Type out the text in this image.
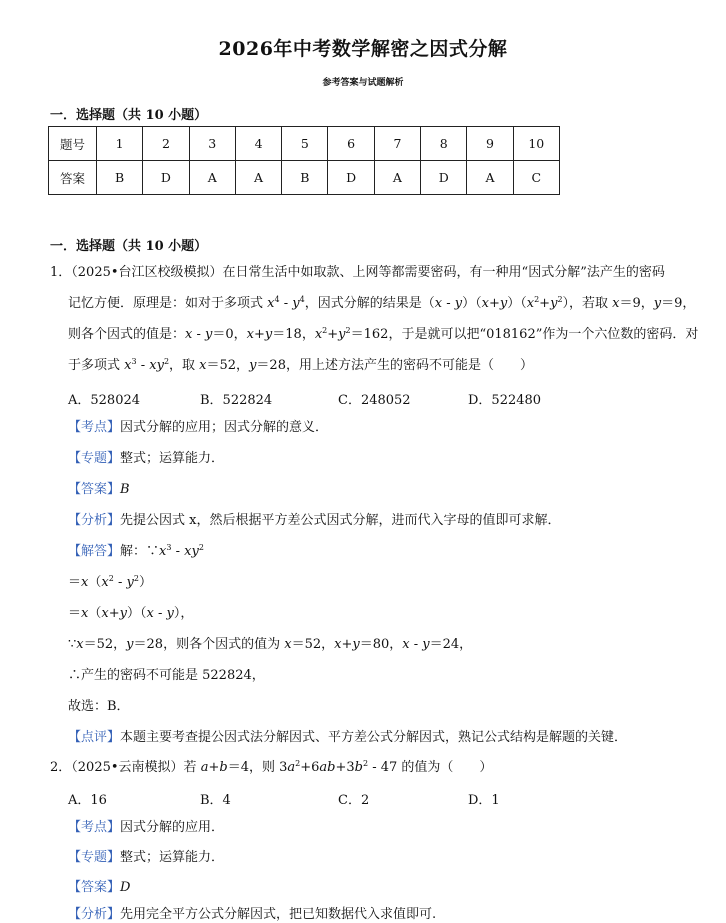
2026年中考数学解密之因式分解
参考答案与试题解析
一．选择题（共 10 小题）
题号	1	2	3	4	5	6	7	8	9	10
答案	B	D	A	A	B	D	A	D	A	C
一．选择题（共 10 小题）
1．（2025•台江区校级模拟）在日常生活中如取款、上网等都需要密码，有一种用“因式分解”法产生的密码
记忆方便．原理是：如对于多项式 $x^4 - y^4$，因式分解的结果是$(x - y)(x+y)(x^2+y^2)$，若取 x＝9，y＝9，
则各个因式的值是：x - y＝0，x+y＝18，$x^2+y^2=162$，于是就可以把“018162”作为一个六位数的密码．对
于多项式 $x^3 - xy^2$，取 x＝52，y＝28，用上述方法产生的密码不可能是（　　）
A．528024	B．522824	C．248052	D．522480
【考点】因式分解的应用；因式分解的意义．
【专题】整式；运算能力．
【答案】B
【分析】先提公因式 x，然后根据平方差公式因式分解，进而代入字母的值即可求解．
【解答】解：$\because x^3 - xy^2$
$=x(x^2 - y^2)$
＝x（x+y）（x - y），
∵x＝52，y＝28，则各个因式的值为 x＝52，x+y＝80，x - y＝24，
∴产生的密码不可能是 522824，
故选：B．
【点评】本题主要考查提公因式法分解因式、平方差公式分解因式，熟记公式结构是解题的关键．
2．（2025•云南模拟）若 a+b＝4，则 $3a^2+6ab+3b^2 - 47$ 的值为（　　）
A．16	B．4	C．2	D．1
【考点】因式分解的应用．
【专题】整式；运算能力．
【答案】D
【分析】先用完全平方公式分解因式，把已知数据代入求值即可.
